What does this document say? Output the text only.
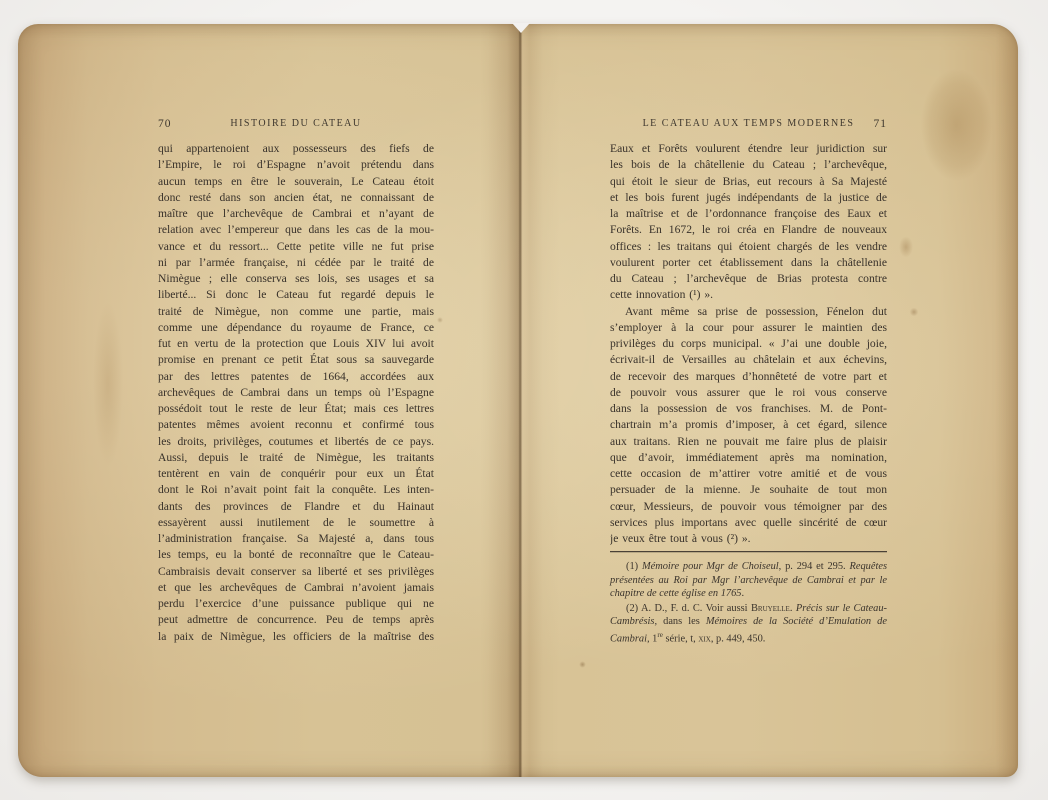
HISTOIRE DU CATEAU
70
qui appartenoient aux possesseurs des fiefs de
l’Empire, le roi d’Espagne n’avoit prétendu dans
aucun temps en être le souverain, Le Cateau étoit
donc resté dans son ancien état, ne connaissant de
maître que l’archevêque de Cambrai et n’ayant de
relation avec l’empereur que dans les cas de la mou-
vance et du ressort... Cette petite ville ne fut prise
ni par l’armée française, ni cédée par le traité de
Nimègue ; elle conserva ses lois, ses usages et sa
liberté... Si donc le Cateau fut regardé depuis le
traité de Nimègue, non comme une partie, mais
comme une dépendance du royaume de France, ce
fut en vertu de la protection que Louis XIV lui avoit
promise en prenant ce petit État sous sa sauvegarde
par des lettres patentes de 1664, accordées aux
archevêques de Cambrai dans un temps où l’Espagne
possédoit tout le reste de leur État; mais ces lettres
patentes mêmes avoient reconnu et confirmé tous
les droits, privilèges, coutumes et libertés de ce pays.
Aussi, depuis le traité de Nimègue, les traitants
tentèrent en vain de conquérir pour eux un État
dont le Roi n’avait point fait la conquête. Les inten-
dants des provinces de Flandre et du Hainaut
essayèrent aussi inutilement de le soumettre à
l’administration française. Sa Majesté a, dans tous
les temps, eu la bonté de reconnaître que le Cateau-
Cambraisis devait conserver sa liberté et ses privilèges
et que les archevêques de Cambrai n’avoient jamais
perdu l’exercice d’une puissance publique qui ne
peut admettre de concurrence. Peu de temps après
la paix de Nimègue, les officiers de la maîtrise des
LE CATEAU AUX TEMPS MODERNES	71
Eaux et Forêts voulurent étendre leur juridiction sur
les bois de la châtellenie du Cateau ; l’archevêque,
qui étoit le sieur de Brias, eut recours à Sa Majesté
et les bois furent jugés indépendants de la justice de
la maîtrise et de l’ordonnance françoise des Eaux et
Forêts. En 1672, le roi créa en Flandre de nouveaux
offices : les traitans qui étoient chargés de les vendre
voulurent porter cet établissement dans la châtellenie
du Cateau ; l’archevêque de Brias protesta contre
cette innovation (¹) ».
Avant même sa prise de possession, Fénelon dut
s’employer à la cour pour assurer le maintien des
privilèges du corps municipal. « J’ai une double joie,
écrivait-il de Versailles au châtelain et aux échevins,
de recevoir des marques d’honnêteté de votre part et
de pouvoir vous assurer que le roi vous conserve
dans la possession de vos franchises. M. de Pont-
chartrain m’a promis d’imposer, à cet égard, silence
aux traitans. Rien ne pouvait me faire plus de plaisir
que d’avoir, immédiatement après ma nomination,
cette occasion de m’attirer votre amitié et de vous
persuader de la mienne. Je souhaite de tout mon
cœur, Messieurs, de pouvoir vous témoigner par des
services plus importans avec quelle sincérité de cœur
je veux être tout à vous (²) ».
(1) Mémoire pour Mgr de Choiseul, p. 294 et 295. Requêtes présentées au Roi par Mgr l’archevêque de Cambrai et par le chapitre de cette église en 1765.
(2) A. D., F. d. C. Voir aussi Bruyelle. Précis sur le Cateau-Cambrésis, dans les Mémoires de la Société d’Emulation de Cambrai, 1re série, t, xix, p. 449, 450.
